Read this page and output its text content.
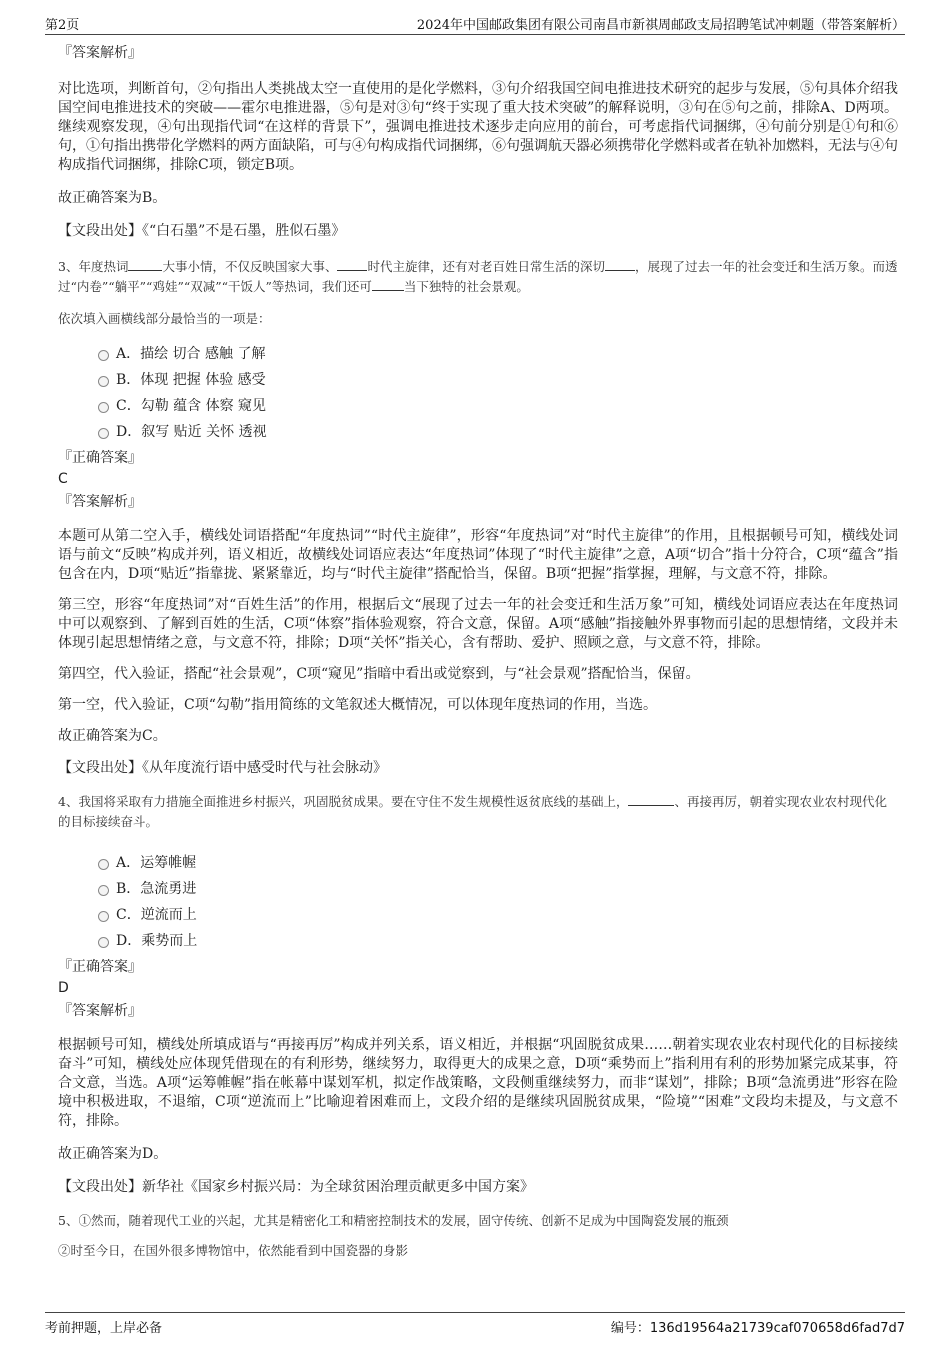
第2页	2024年中国邮政集团有限公司南昌市新祺周邮政支局招聘笔试冲刺题（带答案解析）

『答案解析』

对比选项，判断首句，②句指出人类挑战太空一直使用的是化学燃料，③句介绍我国空间电推进技术研究的起步与发展，⑤句具体介绍我国空间电推进技术的突破——霍尔电推进器，⑤句是对③句“终于实现了重大技术突破”的解释说明，③句在⑤句之前，排除A、D两项。继续观察发现，④句出现指代词“在这样的背景下”，强调电推进技术逐步走向应用的前台，可考虑指代词捆绑，④句前分别是①句和⑥句，①句指出携带化学燃料的两方面缺陷，可与④句构成指代词捆绑，⑥句强调航天器必须携带化学燃料或者在轨补加燃料，无法与④句构成指代词捆绑，排除C项，锁定B项。

故正确答案为B。

【文段出处】《“白石墨”不是石墨，胜似石墨》

3、年度热词	大事小情，不仅反映国家大事、 时代主旋律，还有对老百姓日常生活的深切 ，展现了过去一年的社会变迁和生活万象。而透过“内卷”“躺平”“鸡娃”“双减”“干饭人”等热词，我们还可	当下独特的社会景观。

依次填入画横线部分最恰当的一项是：

A．描绘 切合 感触 了解

B．体现 把握 体验 感受

C．勾勒 蕴含 体察 窥见

D．叙写 贴近 关怀 透视

『正确答案』

C

『答案解析』

本题可从第二空入手，横线处词语搭配“年度热词”“时代主旋律”，形容“年度热词”对“时代主旋律”的作用，且根据顿号可知，横线处词语与前文“反映”构成并列，语义相近，故横线处词语应表达“年度热词”体现了“时代主旋律”之意，A项“切合”指十分符合，C项“蕴含”指包含在内，D项“贴近”指靠拢、紧紧靠近，均与“时代主旋律”搭配恰当，保留。B项“把握”指掌握，理解，与文意不符，排除。

第三空，形容“年度热词”对“百姓生活”的作用，根据后文“展现了过去一年的社会变迁和生活万象”可知，横线处词语应表达在年度热词中可以观察到、了解到百姓的生活，C项“体察”指体验观察，符合文意，保留。A项“感触”指接触外界事物而引起的思想情绪，文段并未体现引起思想情绪之意，与文意不符，排除；D项“关怀”指关心，含有帮助、爱护、照顾之意，与文意不符，排除。

第四空，代入验证，搭配“社会景观”，C项“窥见”指暗中看出或觉察到，与“社会景观”搭配恰当，保留。

第一空，代入验证，C项“勾勒”指用简练的文笔叙述大概情况，可以体现年度热词的作用，当选。

故正确答案为C。

【文段出处】《从年度流行语中感受时代与社会脉动》

4、我国将采取有力措施全面推进乡村振兴，巩固脱贫成果。要在守住不发生规模性返贫底线的基础上，	、再接再厉，朝着实现农业农村现代化的目标接续奋斗。

A．运筹帷幄

B．急流勇进

C．逆流而上

D．乘势而上

『正确答案』

D

『答案解析』

根据顿号可知，横线处所填成语与“再接再厉”构成并列关系，语义相近，并根据“巩固脱贫成果……朝着实现农业农村现代化的目标接续奋斗”可知，横线处应体现凭借现在的有利形势，继续努力，取得更大的成果之意，D项“乘势而上”指利用有利的形势加紧完成某事，符合文意，当选。A项“运筹帷幄”指在帐幕中谋划军机，拟定作战策略，文段侧重继续努力，而非“谋划”，排除；B项“急流勇进”形容在险境中积极进取，不退缩，C项“逆流而上”比喻迎着困难而上，文段介绍的是继续巩固脱贫成果，“险境”“困难”文段均未提及，与文意不符，排除。

故正确答案为D。

【文段出处】新华社《国家乡村振兴局：为全球贫困治理贡献更多中国方案》

5、①然而，随着现代工业的兴起，尤其是精密化工和精密控制技术的发展，固守传统、创新不足成为中国陶瓷发展的瓶颈

②时至今日，在国外很多博物馆中，依然能看到中国瓷器的身影

考前押题，上岸必备	编号：136d19564a21739caf070658d6fad7d7
